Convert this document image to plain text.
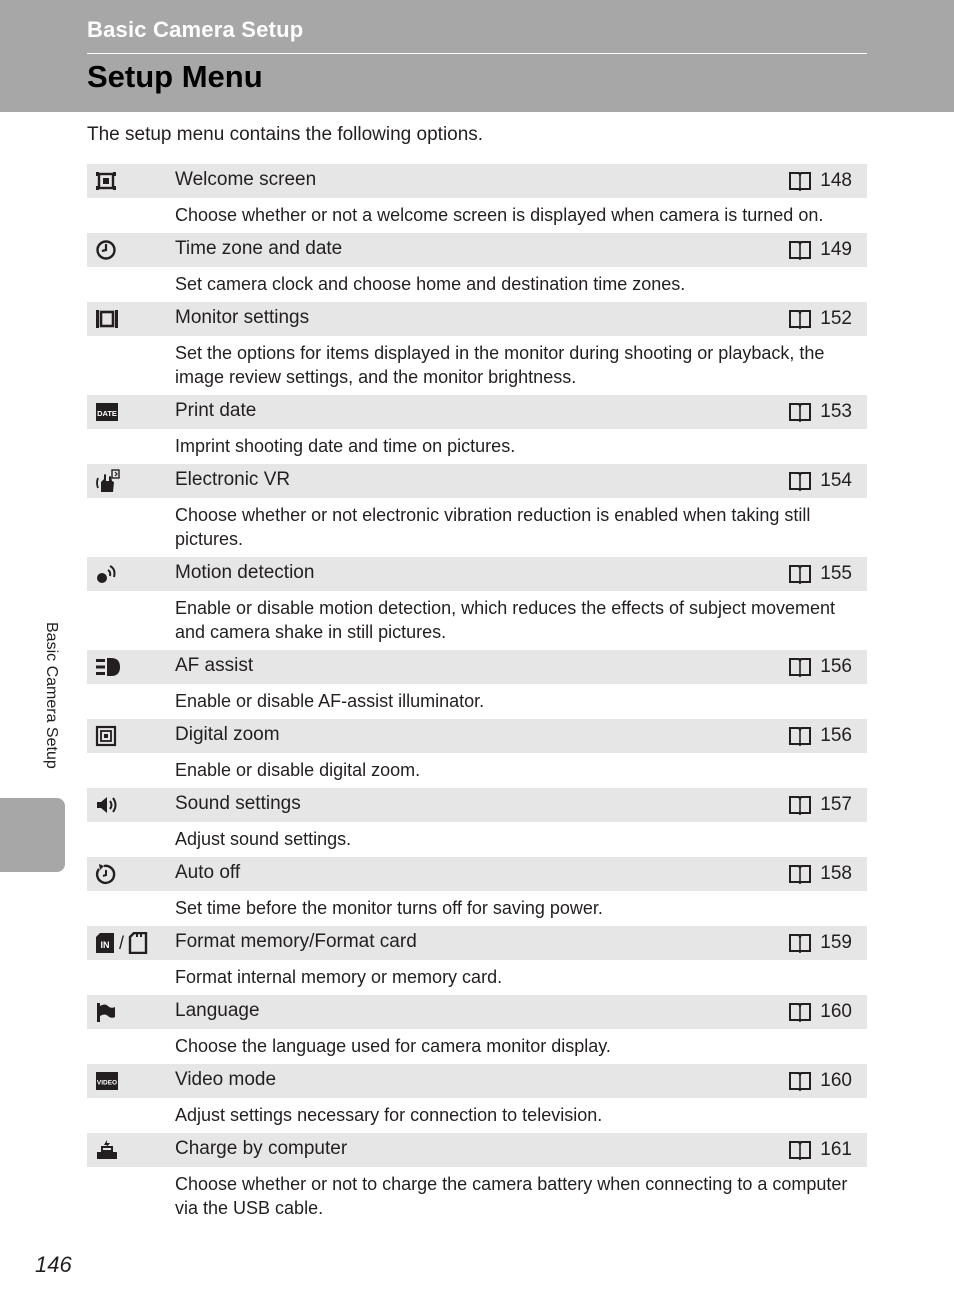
Basic Camera Setup
Setup Menu
The setup menu contains the following options.
Welcome screen	148
Choose whether or not a welcome screen is displayed when camera is turned on.
Time zone and date	149
Set camera clock and choose home and destination time zones.
Monitor settings	152
Set the options for items displayed in the monitor during shooting or playback, the image review settings, and the monitor brightness.
DATE	Print date	153
Imprint shooting date and time on pictures.
Electronic VR	154
Choose whether or not electronic vibration reduction is enabled when taking still pictures.
Motion detection	155
Enable or disable motion detection, which reduces the effects of subject movement and camera shake in still pictures.
AF assist	156
Enable or disable AF-assist illuminator.
Digital zoom	156
Enable or disable digital zoom.
Sound settings	157
Adjust sound settings.
Auto off	158
Set time before the monitor turns off for saving power.
IN /	Format memory/Format card	159
Format internal memory or memory card.
Language	160
Choose the language used for camera monitor display.
VIDEO	Video mode	160
Adjust settings necessary for connection to television.
Charge by computer	161
Choose whether or not to charge the camera battery when connecting to a computer via the USB cable.
Basic Camera Setup
146
